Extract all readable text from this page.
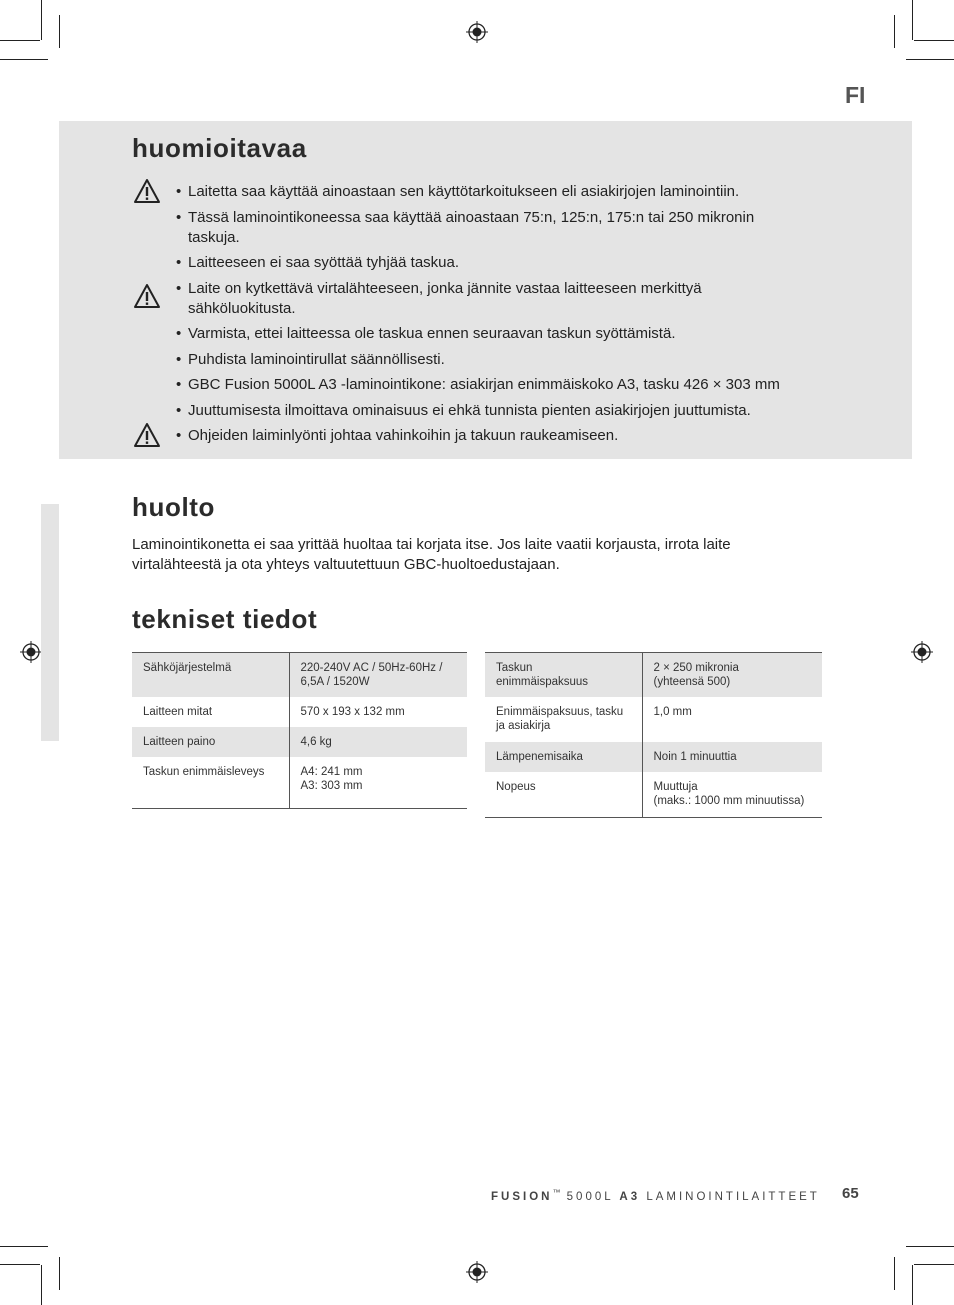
FI
huomioitavaa
• Laitetta saa käyttää ainoastaan sen käyttötarkoitukseen eli asiakirjojen laminointiin.
• Tässä laminointikoneessa saa käyttää ainoastaan 75:n, 125:n, 175:n tai 250 mikronin
taskuja.
• Laitteeseen ei saa syöttää tyhjää taskua.
• Laite on kytkettävä virtalähteeseen, jonka jännite vastaa laitteeseen merkittyä
sähköluokitusta.
• Varmista, ettei laitteessa ole taskua ennen seuraavan taskun syöttämistä.
• Puhdista laminointirullat säännöllisesti.
• GBC Fusion 5000L A3 -laminointikone: asiakirjan enimmäiskoko A3, tasku 426 × 303 mm
• Juuttumisesta ilmoittava ominaisuus ei ehkä tunnista pienten asiakirjojen juuttumista.
• Ohjeiden laiminlyönti johtaa vahinkoihin ja takuun raukeamiseen.
huolto
Laminointikonetta ei saa yrittää huoltaa tai korjata itse. Jos laite vaatii korjausta, irrota laite virtalähteestä ja ota yhteys valtuutettuun GBC-huoltoedustajaan.
tekniset tiedot
Sähköjärjestelmä	220-240V AC / 50Hz-60Hz / 6,5A / 1520W
Laitteen mitat	570 x 193 x 132 mm
Laitteen paino	4,6 kg
Taskun enimmäisleveys	A4: 241 mm
A3: 303 mm
Taskun
enimmäispaksuus	2 × 250 mikronia
(yhteensä 500)
Enimmäispaksuus, tasku ja asiakirja	1,0 mm
Lämpenemisaika	Noin 1 minuuttia
Nopeus	Muuttuja
(maks.: 1000 mm minuutissa)
FUSION™ 5000L A3 LAMINOINTILAITTEET 65
